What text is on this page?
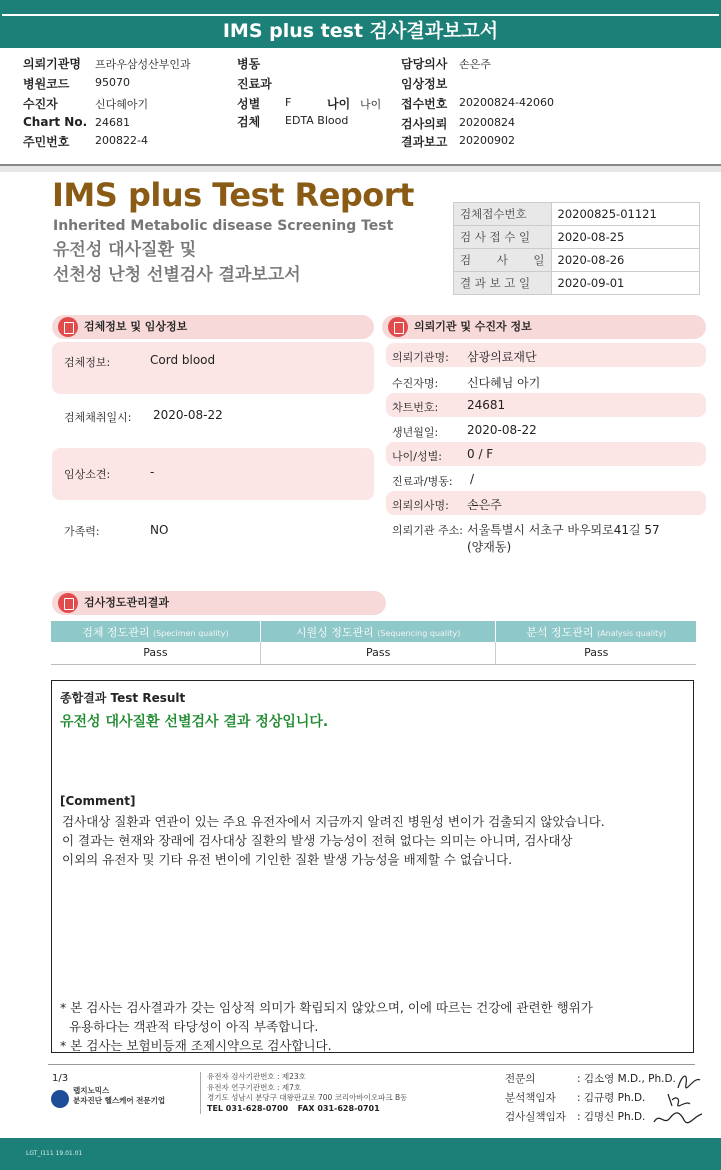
IMS plus test 검사결과보고서
의뢰기관명 프라우삼성산부인과
병원코드 95070
수진자	신다혜아기
Chart No. 24681
주민번호 200822-4
병동
진료과
성별 F	나이 나이
검체 EDTA Blood
담당의사 손은주
임상정보
접수번호 20200824-42060
검사의뢰 20200824
결과보고 20200902
IMS plus Test Report
Inherited Metabolic disease Screening Test
유전성 대사질환 및
선천성 난청 선별검사 결과보고서
검체접수번호	20200825-01121
검 사 접 수 일	2020-08-25
검       사       일	2020-08-26
결 과 보 고 일	2020-09-01
검체정보 및 임상정보
검체정보:	Cord blood
검체채취일시: 2020-08-22
임상소견:	-
가족력:	NO
의뢰기관 및 수진자 정보
의뢰기관명: 삼광의료재단
수진자명: 신다혜님 아기
차트번호: 24681
생년월일: 2020-08-22
나이/성별: 0 / F
진료과/병동: /
의뢰의사명: 손은주
의뢰기관 주소: 서울특별시 서초구 바우뫼로41길 57
(양재동)
검사정도관리결과
검체 정도관리 (Specimen quality)	시원싱 정도관리 (Sequencing quality)	분석 정도관리 (Analysis quality)
Pass	Pass	Pass
종합결과 Test Result
유전성 대사질환 선별검사 결과 정상입니다.
[Comment]
검사대상 질환과 연관이 있는 주요 유전자에서 지금까지 알려진 병원성 변이가 검출되지 않았습니다.
이 결과는 현재와 장래에 검사대상 질환의 발생 가능성이 전혀 없다는 의미는 아니며, 검사대상
이외의 유전자 및 기타 유전 변이에 기인한 질환 발생 가능성을 배제할 수 없습니다.
* 본 검사는 검사결과가 갖는 임상적 의미가 확립되지 않았으며, 이에 따르는 건강에 관련한 행위가
유용하다는 객관적 타당성이 아직 부족합니다.
* 본 검사는 보험비등재 조제시약으로 검사합니다.
1/3
랩지노믹스
분자진단 헬스케어 전문기업
유전자 검사기관번호 : 제23호
유전자 연구기관번호 : 제7호
경기도 성남시 분당구 대왕판교로 700 코리아바이오파크 B동
TEL 031-628-0700 FAX 031-628-0701
전문의	: 김소영 M.D., Ph.D.
분석책임자 : 김규령 Ph.D.
검사실책임자 : 김명신 Ph.D.
LGT_I111 19.01.01
